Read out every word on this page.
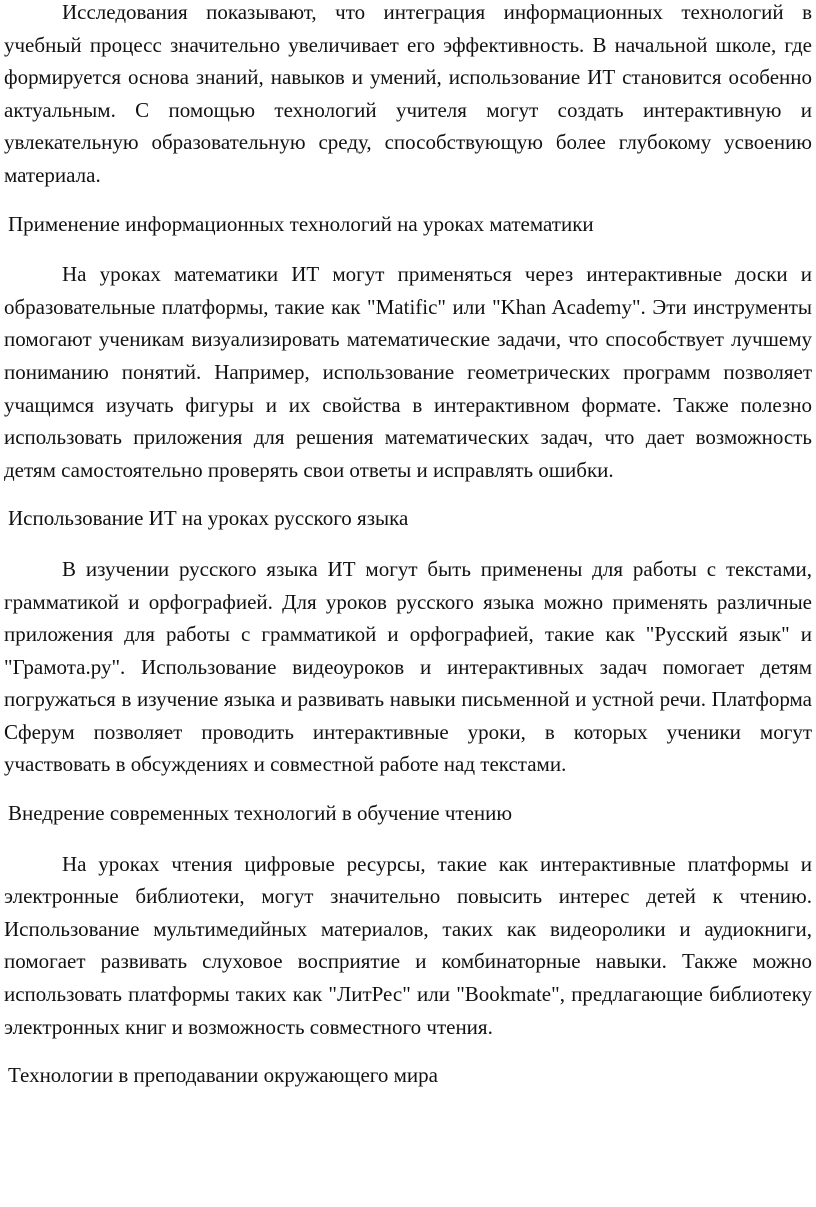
Исследования показывают, что интеграция информационных технологий в учебный процесс значительно увеличивает его эффективность. В начальной школе, где формируется основа знаний, навыков и умений, использование ИТ становится особенно актуальным. С помощью технологий учителя могут создать интерактивную и увлекательную образовательную среду, способствующую более глубокому усвоению материала.

Применение информационных технологий на уроках математики

На уроках математики ИТ могут применяться через интерактивные доски и образовательные платформы, такие как "Matific" или "Khan Academy". Эти инструменты помогают ученикам визуализировать математические задачи, что способствует лучшему пониманию понятий. Например, использование геометрических программ позволяет учащимся изучать фигуры и их свойства в интерактивном формате. Также полезно использовать приложения для решения математических задач, что дает возможность детям самостоятельно проверять свои ответы и исправлять ошибки.

Использование ИТ на уроках русского языка

В изучении русского языка ИТ могут быть применены для работы с текстами, грамматикой и орфографией. Для уроков русского языка можно применять различные приложения для работы с грамматикой и орфографией, такие как "Русский язык" и "Грамота.ру". Использование видеоуроков и интерактивных задач помогает детям погружаться в изучение языка и развивать навыки письменной и устной речи. Платформа Сферум позволяет проводить интерактивные уроки, в которых ученики могут участвовать в обсуждениях и совместной работе над текстами.

Внедрение современных технологий в обучение чтению

На уроках чтения цифровые ресурсы, такие как интерактивные платформы и электронные библиотеки, могут значительно повысить интерес детей к чтению. Использование мультимедийных материалов, таких как видеоролики и аудиокниги, помогает развивать слуховое восприятие и комбинаторные навыки. Также можно использовать платформы таких как "ЛитРес" или "Bookmate", предлагающие библиотеку электронных книг и возможность совместного чтения.

Технологии в преподавании окружающего мира
